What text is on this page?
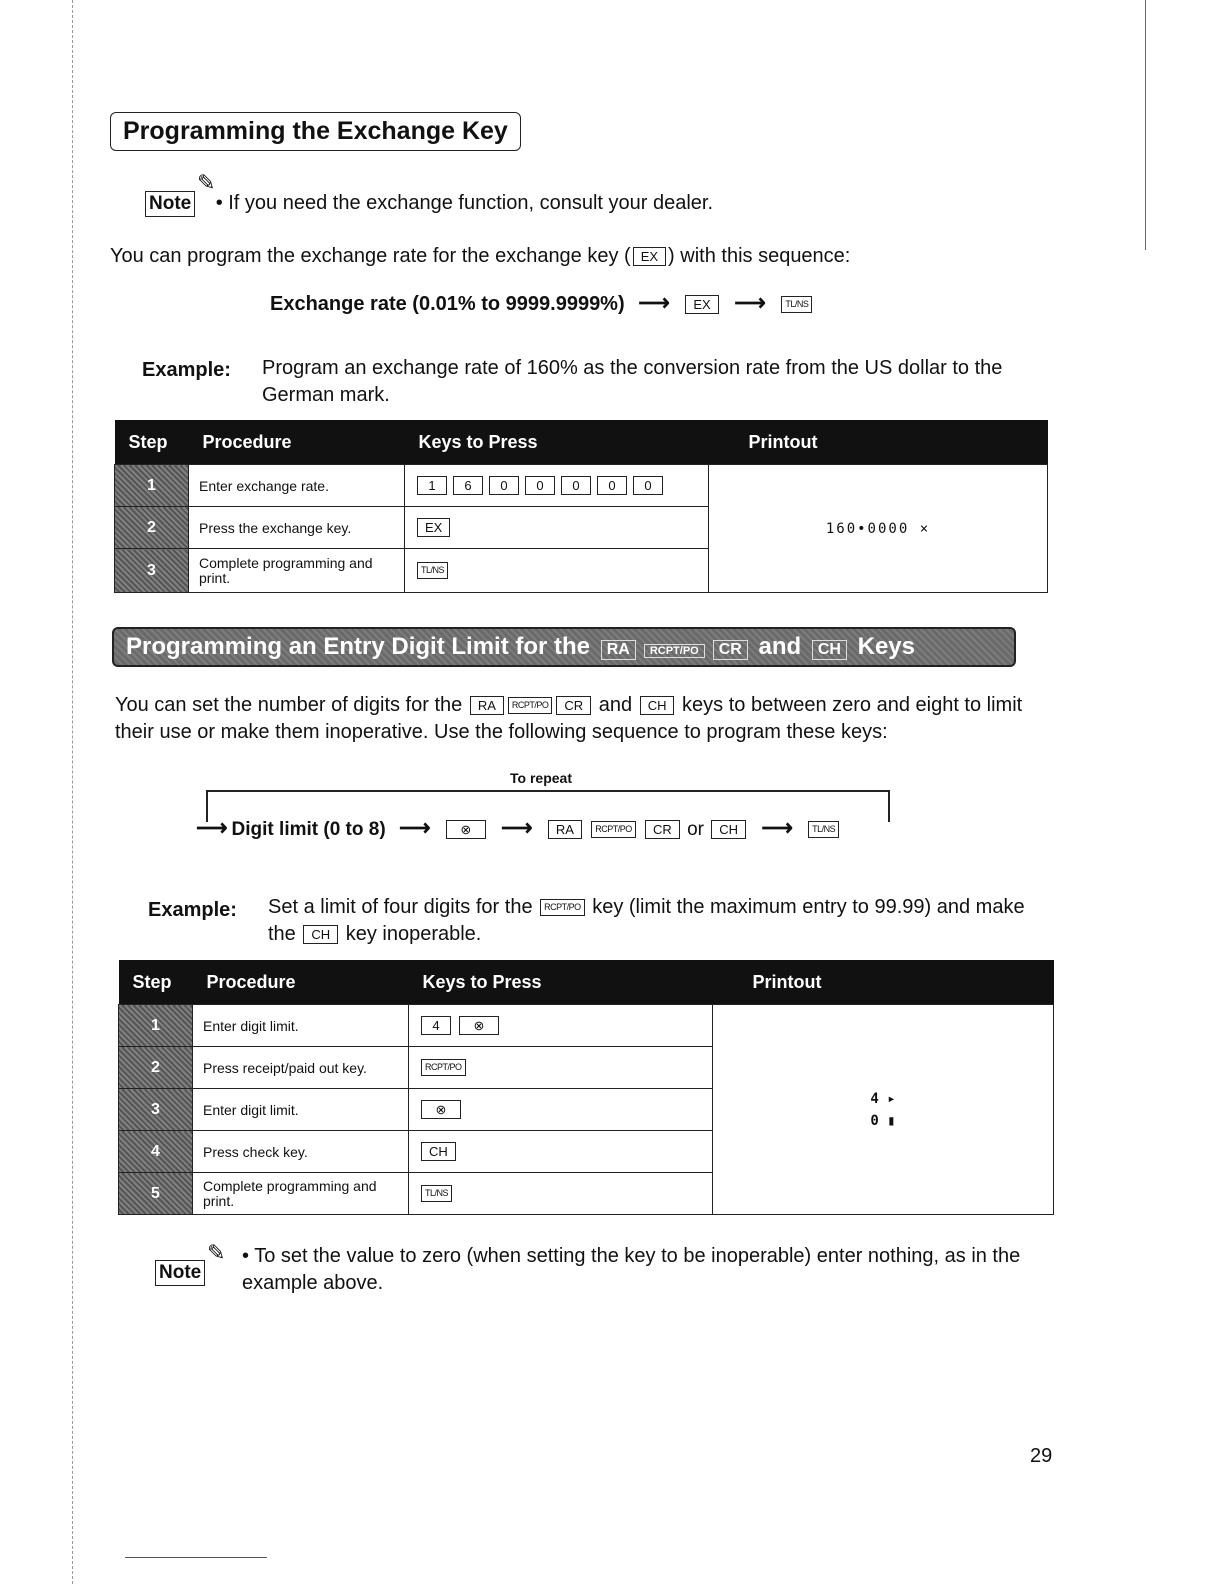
Programming the Exchange Key
Note
✎
• If you need the exchange function, consult your dealer.
You can program the exchange rate for the exchange key ( EX ) with this sequence:
Exchange rate (0.01% to 9999.9999%) ⟶ EX ⟶ TL/NS
Example: Program an exchange rate of 160% as the conversion rate from the US dollar to the German mark.
Step	Procedure	Keys to Press	Printout
1	Enter exchange rate.	1 6 0 0 0 0 0	160•0000 ×
2	Press the exchange key.	EX	
3	Complete programming and print.	TL/NS	
Programming an Entry Digit Limit for the RA RCPT/PO CR and CH Keys
You can set the number of digits for the RA RCPT/PO CR and CH keys to between zero and eight to limit their use or make them inoperative. Use the following sequence to program these keys:
To repeat
⟶ Digit limit (0 to 8) ⟶ ⊗ ⟶ RA RCPT/PO CR or CH ⟶ TL/NS
Example: Set a limit of four digits for the RCPT/PO key (limit the maximum entry to 99.99) and make the CH key inoperable.
Step	Procedure	Keys to Press	Printout
1	Enter digit limit.	4 ⊗	4 ▸
0 ▮

2	Press receipt/paid out key.	RCPT/PO	
3	Enter digit limit.	⊗	
4	Press check key.	CH	
5	Complete programming and print.	TL/NS	
Note
✎ • To set the value to zero (when setting the key to be inoperable) enter nothing, as in the example above.
29
